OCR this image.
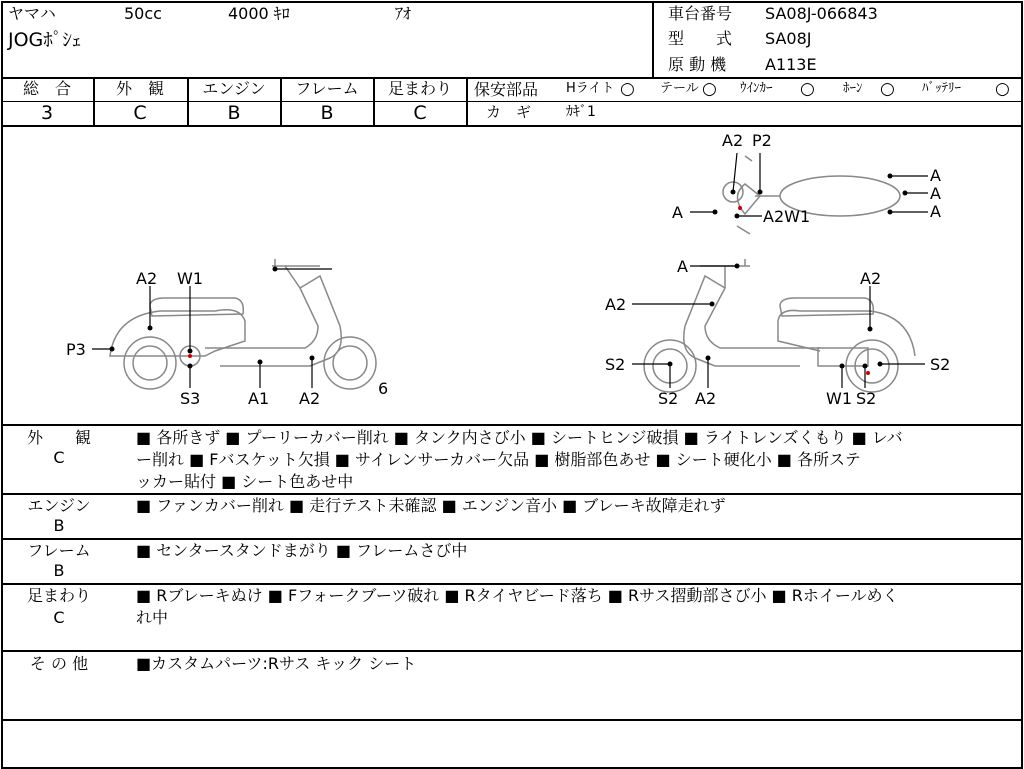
ヤマハ	50cc	4000 ｷﾛ	ｱｵ
JOGﾎﾟｼｪ
車台番号 SA08J-066843
型　　式 SA08J
原 動 機 A113E
総　合
3
外　観
C
エンジン
B
フレーム
B
足まわり
C
保安部品 Hライト ○ テール ○ ｳｲﾝｶｰ ○ ﾎｰﾝ ○ ﾊﾞｯﾃﾘｰ ○
カ　ギ ｶｷﾞ1
A2 W1
P3
S3	A1 A2
6
A2 P2
A
A
A
A	A2W1
A
A2
A2
S2	S2
A2	W1 S2
S2
外　　観
C
■ 各所きず ■ プーリーカバー削れ ■ タンク内さび小 ■ シートヒンジ破損 ■ ライトレンズくもり ■ レバ
ー削れ ■ Fバスケット欠損 ■ サイレンサーカバー欠品 ■ 樹脂部色あせ ■ シート硬化小 ■ 各所ステ
ッカー貼付 ■ シート色あせ中
エンジン
B
■ ファンカバー削れ ■ 走行テスト未確認 ■ エンジン音小 ■ ブレーキ故障走れず
フレーム
B
■ センタースタンドまがり ■ フレームさび中
足まわり
C
■ Rブレーキぬけ ■ Fフォークブーツ破れ ■ Rタイヤビード落ち ■ Rサス摺動部さび小 ■ Rホイールめく
れ中
そ の 他	■カスタムパーツ:Rサス キック シート
